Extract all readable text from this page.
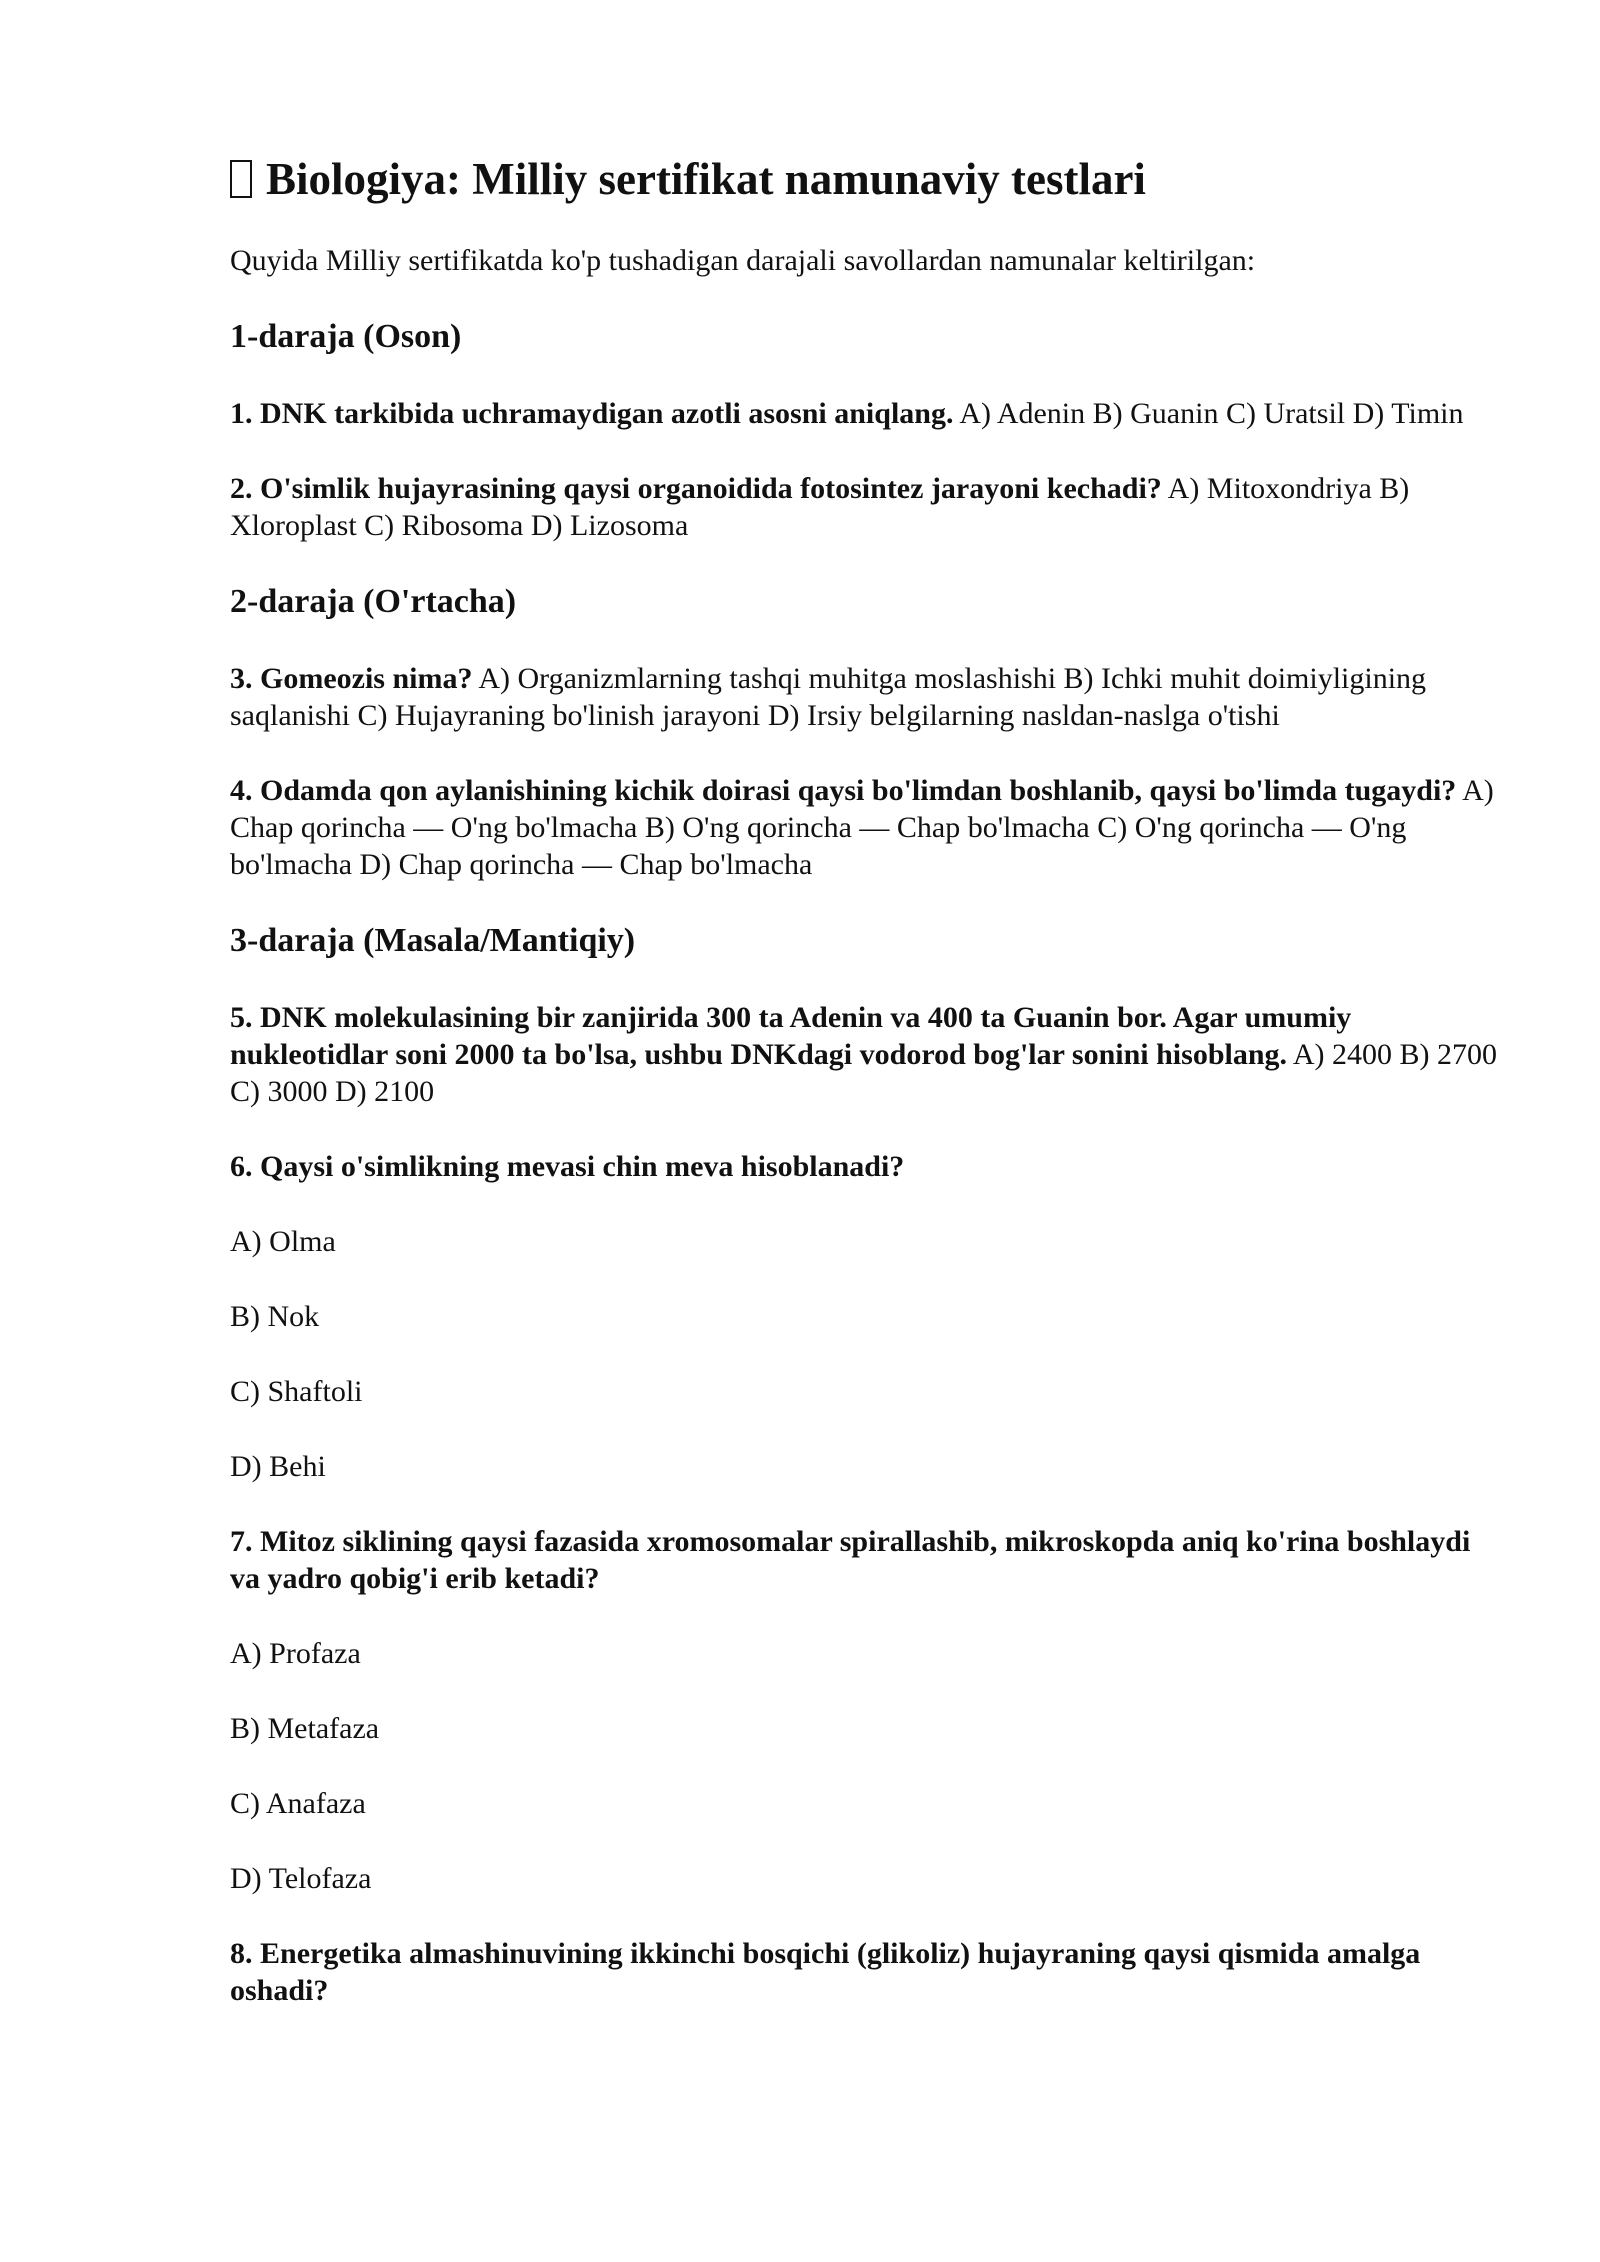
Biologiya: Milliy sertifikat namunaviy testlari

Quyida Milliy sertifikatda ko'p tushadigan darajali savollardan namunalar keltirilgan:

1-daraja (Oson)

1. DNK tarkibida uchramaydigan azotli asosni aniqlang. A) Adenin B) Guanin C) Uratsil D) Timin

2. O'simlik hujayrasining qaysi organoidida fotosintez jarayoni kechadi? A) Mitoxondriya B) Xloroplast C) Ribosoma D) Lizosoma

2-daraja (O'rtacha)

3. Gomeozis nima? A) Organizmlarning tashqi muhitga moslashishi B) Ichki muhit doimiyligining saqlanishi C) Hujayraning bo'linish jarayoni D) Irsiy belgilarning nasldan-naslga o'tishi

4. Odamda qon aylanishining kichik doirasi qaysi bo'limdan boshlanib, qaysi bo'limda tugaydi? A) Chap qorincha — O'ng bo'lmacha B) O'ng qorincha — Chap bo'lmacha C) O'ng qorincha — O'ng bo'lmacha D) Chap qorincha — Chap bo'lmacha

3-daraja (Masala/Mantiqiy)

5. DNK molekulasining bir zanjirida 300 ta Adenin va 400 ta Guanin bor. Agar umumiy nukleotidlar soni 2000 ta bo'lsa, ushbu DNKdagi vodorod bog'lar sonini hisoblang. A) 2400 B) 2700 C) 3000 D) 2100

6. Qaysi o'simlikning mevasi chin meva hisoblanadi?

A) Olma

B) Nok

C) Shaftoli

D) Behi

7. Mitoz siklining qaysi fazasida xromosomalar spirallashib, mikroskopda aniq ko'rina boshlaydi va yadro qobig'i erib ketadi?

A) Profaza

B) Metafaza

C) Anafaza

D) Telofaza

8. Energetika almashinuvining ikkinchi bosqichi (glikoliz) hujayraning qaysi qismida amalga oshadi?
